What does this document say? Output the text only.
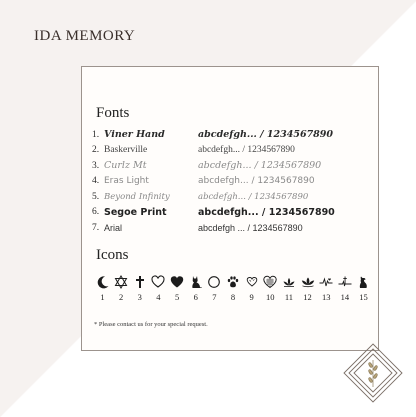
IDA MEMORY
Fonts
1. Viner Hand	abcdefgh... / 1234567890
2. Baskerville	abcdefgh... / 1234567890
3. Curlz Mt	abcdefgh... / 1234567890
4. Eras Light	abcdefgh... / 1234567890
5. Beyond Infinity	abcdefgh... / 1234567890
6. Segoe Print	abcdefgh... / 1234567890
7. Arial	abcdefgh ... / 1234567890
Icons
1 2 3 4 5 6 7 8 9 10 11 12 13 14 15
* Please contact us for your special request.
